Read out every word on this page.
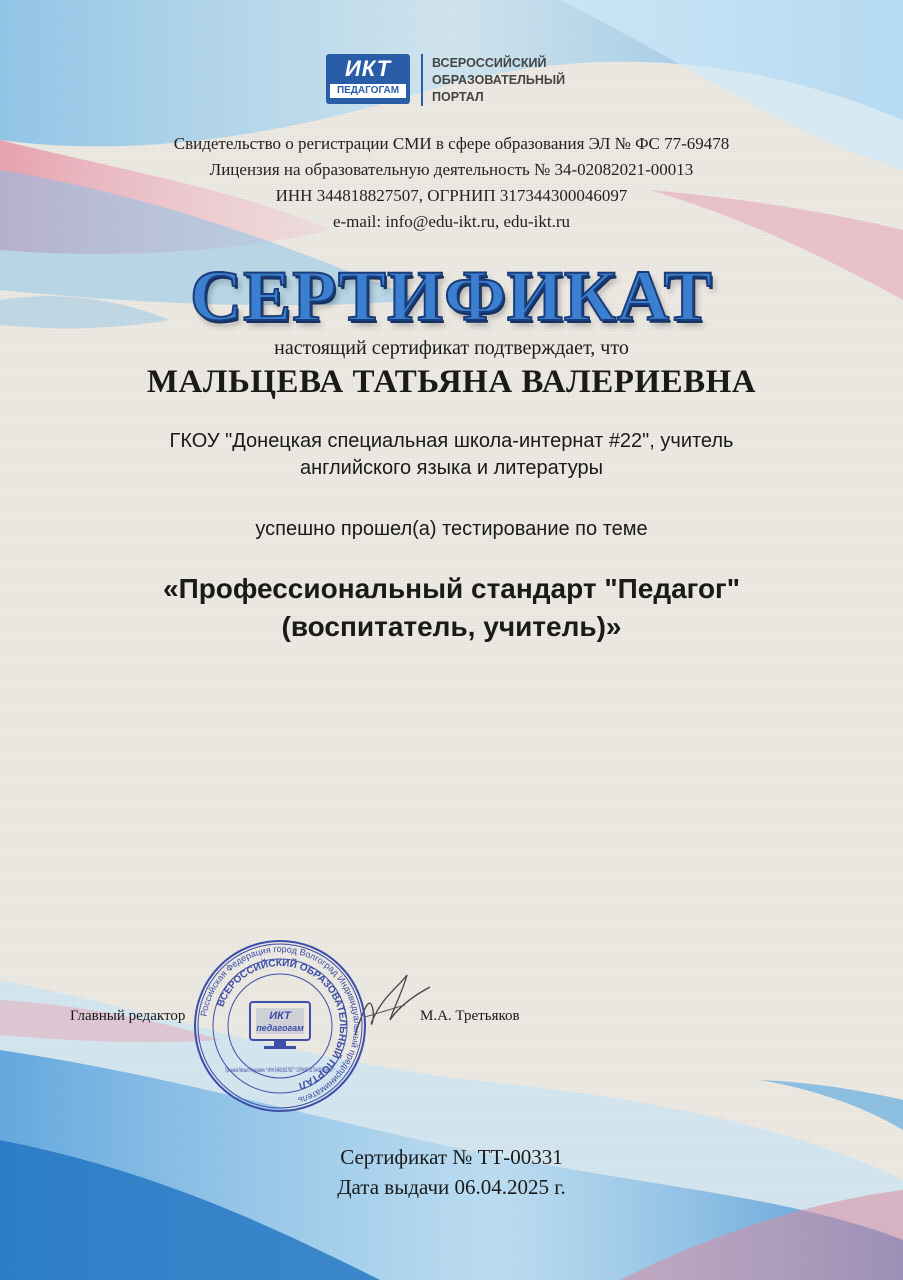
ИКТ
ПЕДАГОГАМ
ВСЕРОССИЙСКИЙ
ОБРАЗОВАТЕЛЬНЫЙ
ПОРТАЛ
Свидетельство о регистрации СМИ в сфере образования ЭЛ № ФС 77-69478
Лицензия на образовательную деятельность № 34-02082021-00013
ИНН 344818827507, ОГРНИП 317344300046097
e-mail: info@edu-ikt.ru, edu-ikt.ru
СЕРТИФИКАТ
настоящий сертификат подтверждает, что
МАЛЬЦЕВА ТАТЬЯНА ВАЛЕРИЕВНА
ГКОУ "Донецкая специальная школа-интернат #22", учитель
английского языка и литературы
успешно прошел(а) тестирование по теме
«Профессиональный стандарт "Педагог"
(воспитатель, учитель)»
Главный редактор	М.А. Третьяков
Российская Федерация город Волгоград Индивидуальный предприниматель
ВСЕРОССИЙСКИЙ ОБРАЗОВАТЕЛЬНЫЙ ПОРТАЛ
ИКТ
педагогам
Третьяков Михаил Андреевич * ИНН 344818827507 * ОГРНИП 317344300046097 *
Сертификат № ТТ-00331
Дата выдачи 06.04.2025 г.
